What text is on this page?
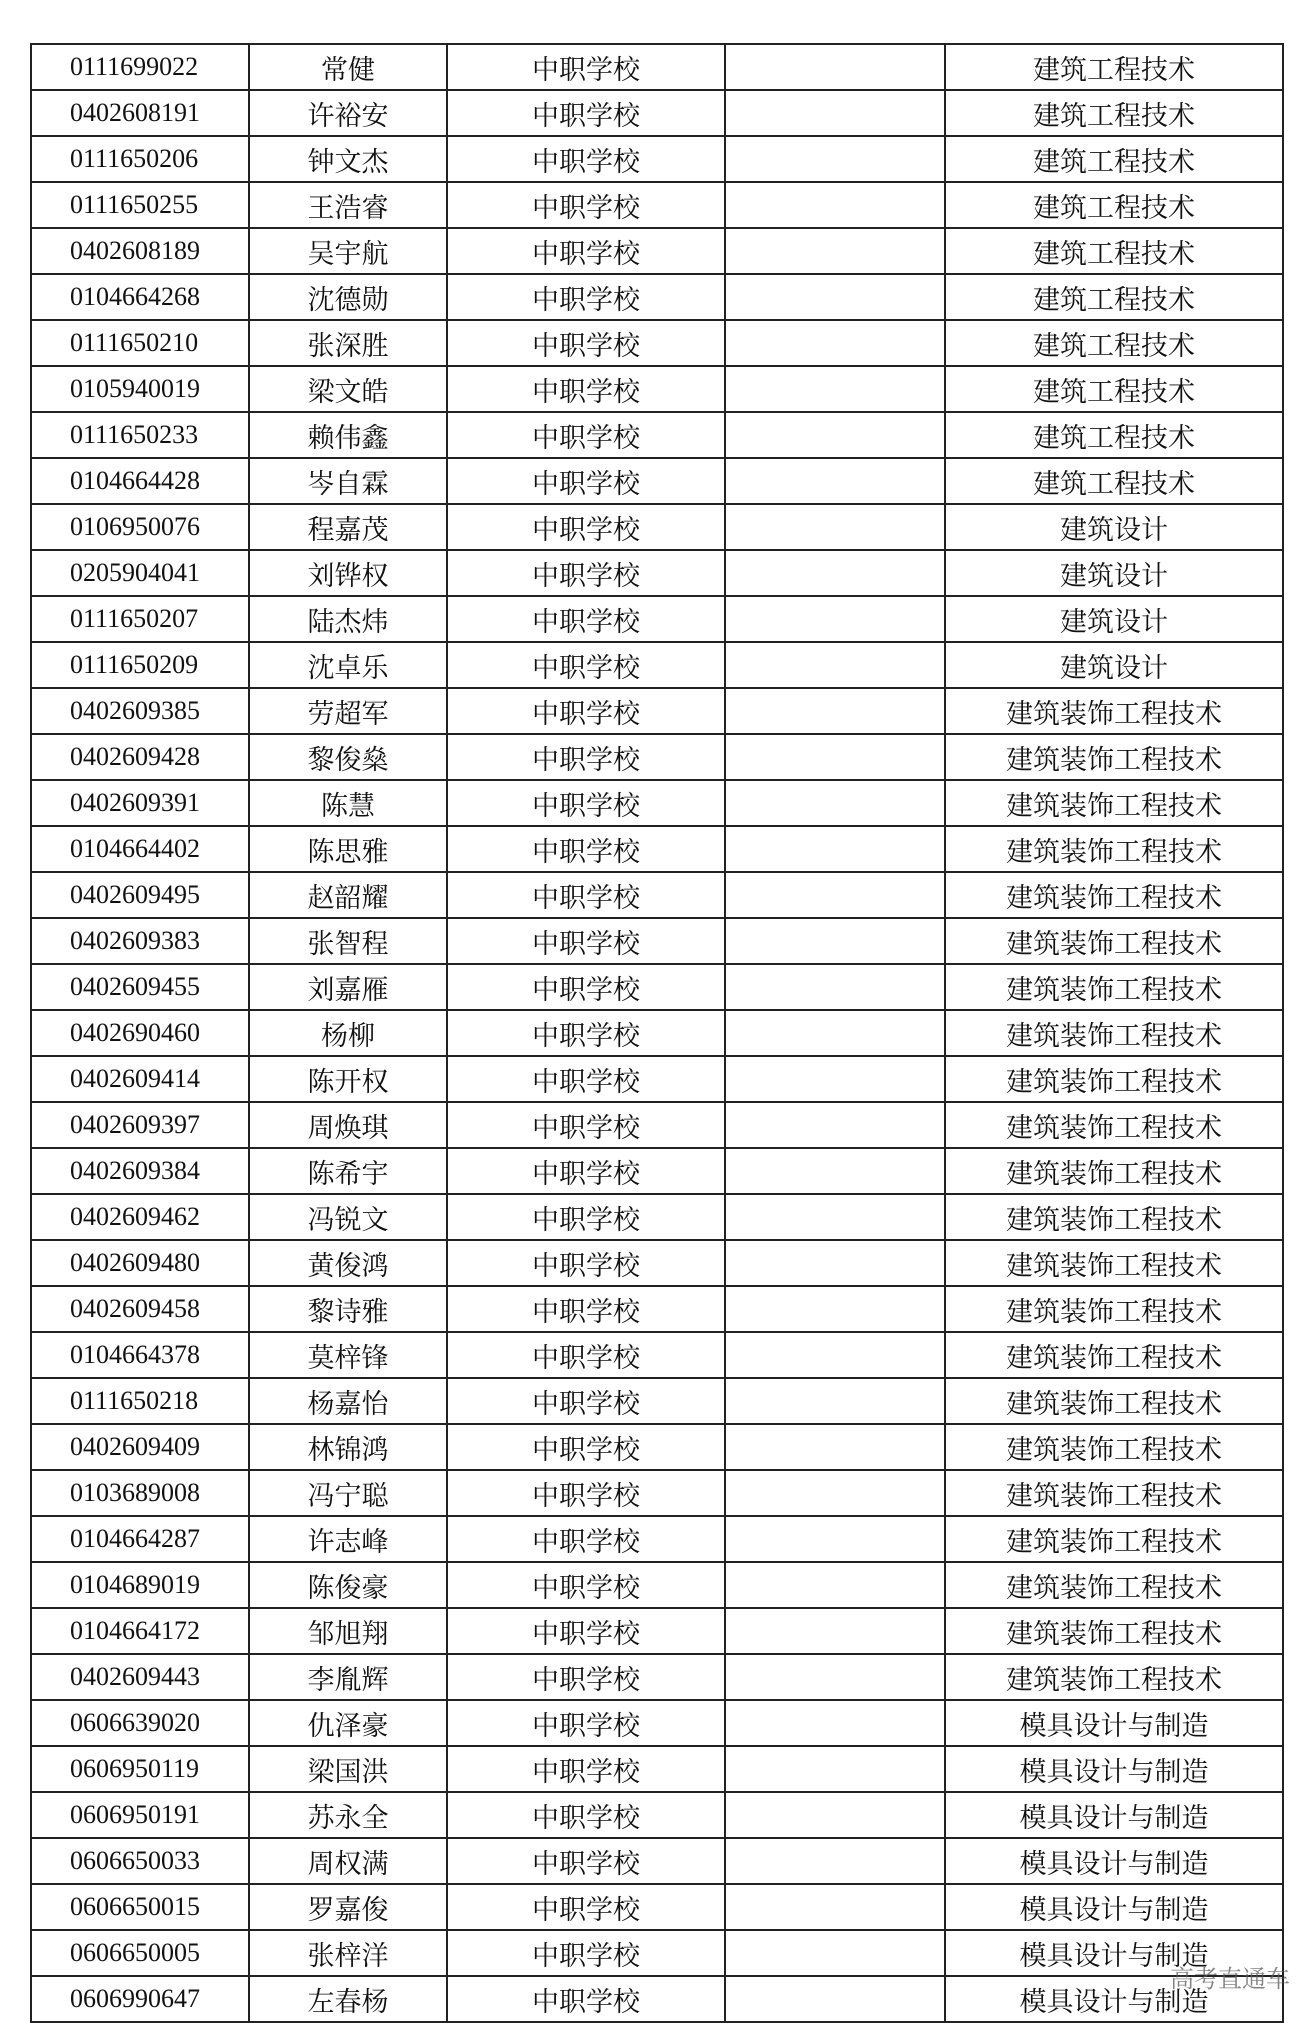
0111699022	常健	中职学校		建筑工程技术
0402608191	许裕安	中职学校		建筑工程技术
0111650206	钟文杰	中职学校		建筑工程技术
0111650255	王浩睿	中职学校		建筑工程技术
0402608189	吴宇航	中职学校		建筑工程技术
0104664268	沈德勋	中职学校		建筑工程技术
0111650210	张深胜	中职学校		建筑工程技术
0105940019	梁文皓	中职学校		建筑工程技术
0111650233	赖伟鑫	中职学校		建筑工程技术
0104664428	岑自霖	中职学校		建筑工程技术
0106950076	程嘉茂	中职学校		建筑设计
0205904041	刘铧权	中职学校		建筑设计
0111650207	陆杰炜	中职学校		建筑设计
0111650209	沈卓乐	中职学校		建筑设计
0402609385	劳超军	中职学校		建筑装饰工程技术
0402609428	黎俊燊	中职学校		建筑装饰工程技术
0402609391	陈慧	中职学校		建筑装饰工程技术
0104664402	陈思雅	中职学校		建筑装饰工程技术
0402609495	赵韶耀	中职学校		建筑装饰工程技术
0402609383	张智程	中职学校		建筑装饰工程技术
0402609455	刘嘉雁	中职学校		建筑装饰工程技术
0402690460	杨柳	中职学校		建筑装饰工程技术
0402609414	陈开权	中职学校		建筑装饰工程技术
0402609397	周焕琪	中职学校		建筑装饰工程技术
0402609384	陈希宇	中职学校		建筑装饰工程技术
0402609462	冯锐文	中职学校		建筑装饰工程技术
0402609480	黄俊鸿	中职学校		建筑装饰工程技术
0402609458	黎诗雅	中职学校		建筑装饰工程技术
0104664378	莫梓锋	中职学校		建筑装饰工程技术
0111650218	杨嘉怡	中职学校		建筑装饰工程技术
0402609409	林锦鸿	中职学校		建筑装饰工程技术
0103689008	冯宁聪	中职学校		建筑装饰工程技术
0104664287	许志峰	中职学校		建筑装饰工程技术
0104689019	陈俊豪	中职学校		建筑装饰工程技术
0104664172	邹旭翔	中职学校		建筑装饰工程技术
0402609443	李胤辉	中职学校		建筑装饰工程技术
0606639020	仇泽豪	中职学校		模具设计与制造
0606950119	梁国洪	中职学校		模具设计与制造
0606950191	苏永全	中职学校		模具设计与制造
0606650033	周权满	中职学校		模具设计与制造
0606650015	罗嘉俊	中职学校		模具设计与制造
0606650005	张梓洋	中职学校		模具设计与制造
0606990647	左春杨	中职学校		模具设计与制造
高考直通车
